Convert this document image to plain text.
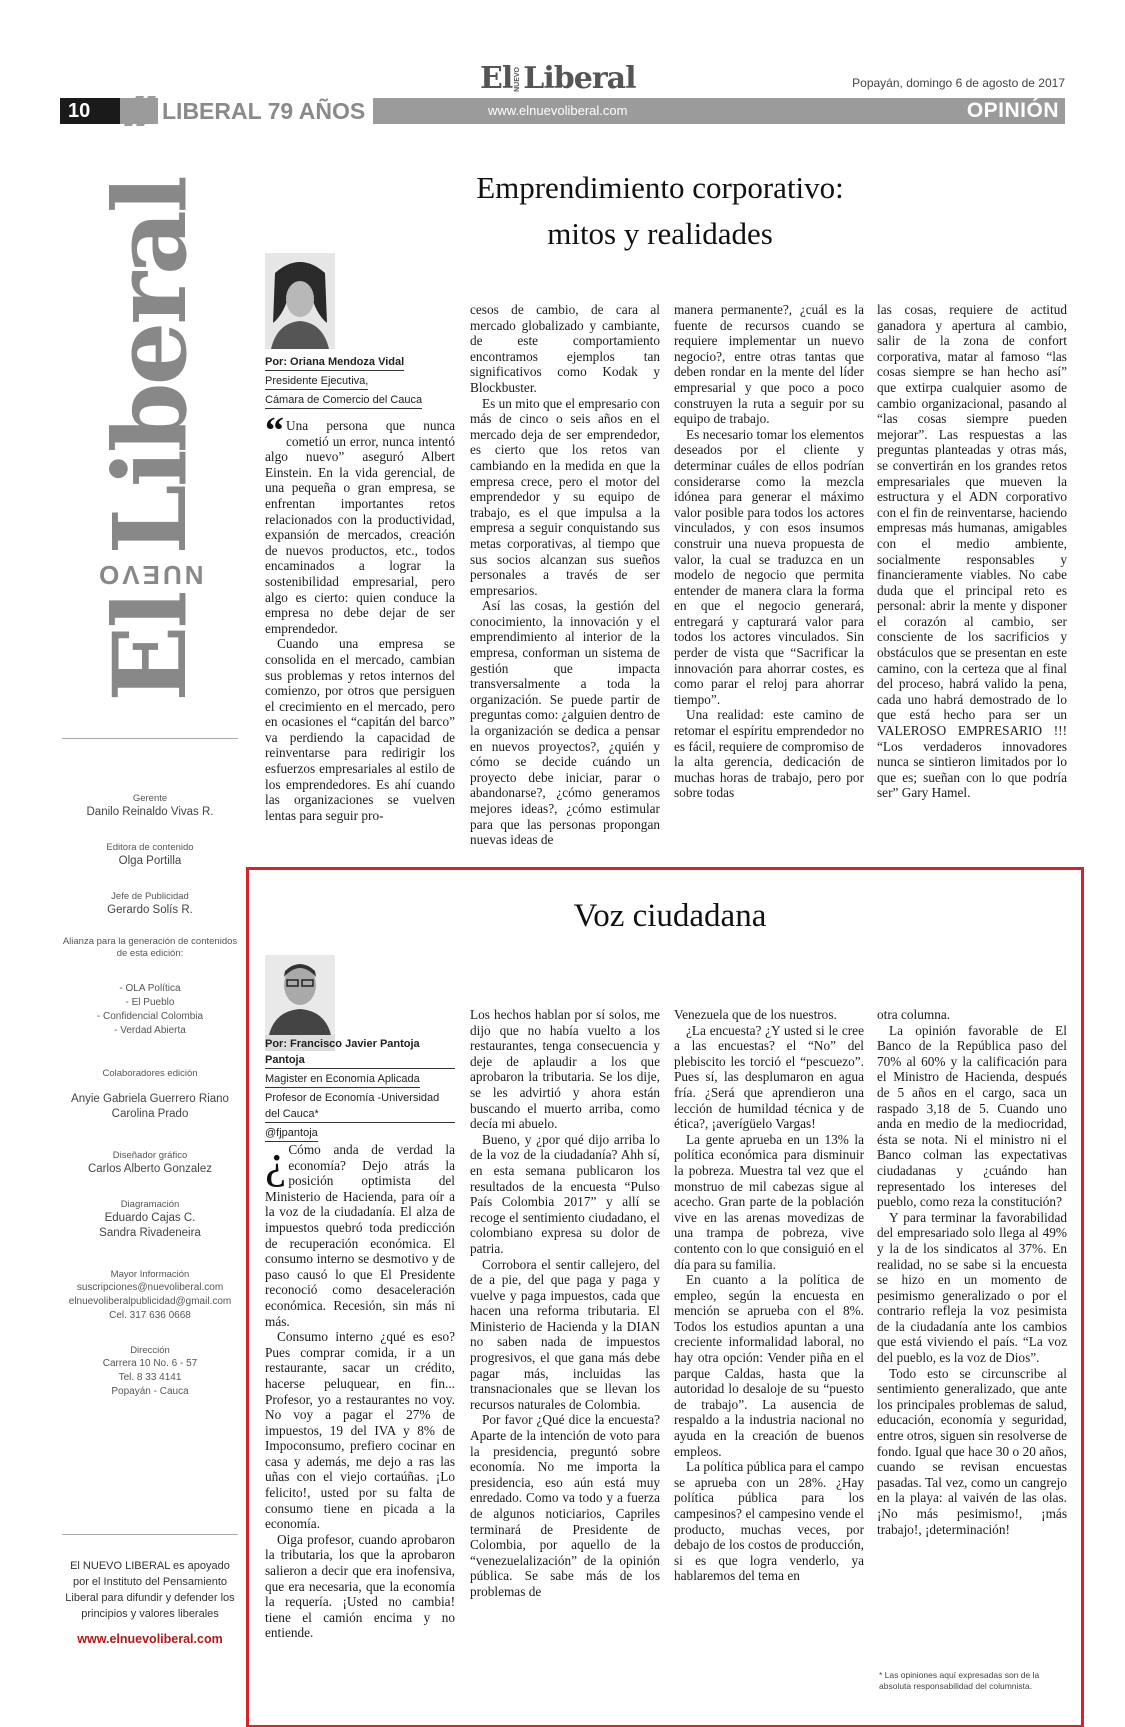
El NUEVO Liberal	Popayán, domingo 6 de agosto de 2017
10	LIBERAL 79 AÑOS	www.elnuevoliberal.com	OPINIÓN
El
NUEVO
Liberal
Gerente
Danilo Reinaldo Vivas R.
Editora de contenido
Olga Portilla
Jefe de Publicidad
Gerardo Solís R.
Alianza para la generación de contenidos de esta edición:
- OLA Política
- El Pueblo
- Confidencial Colombia
- Verdad Abierta
Colaboradores edición
Anyie Gabriela Guerrero Riano
Carolina Prado
Diseñador gráfico
Carlos Alberto Gonzalez
Diagramación
Eduardo Cajas C.
Sandra Rivadeneira
Mayor Información
suscripciones@nuevoliberal.com
elnuevoliberalpublicidad@gmail.com
Cel. 317 636 0668
Dirección
Carrera 10 No. 6 - 57
Tel. 8 33 4141
Popayán - Cauca
El NUEVO LIBERAL es apoyado por el Instituto del Pensamiento Liberal para difundir y defender los principios y valores liberales
www.elnuevoliberal.com
Emprendimiento corporativo:
mitos y realidades
Por: Oriana Mendoza Vidal
Presidente Ejecutiva,
Cámara de Comercio del Cauca

“ Una persona que nunca cometió un error, nunca intentó algo nuevo” aseguró Albert Einstein. En la vida gerencial, de una pequeña o gran empresa, se enfrentan importantes retos relacionados con la productividad, expansión de mercados, creación de nuevos productos, etc., todos encaminados a lograr la sostenibilidad empresarial, pero algo es cierto: quien conduce la empresa no debe dejar de ser emprendedor.

Cuando una empresa se consolida en el mercado, cambian sus problemas y retos internos del comienzo, por otros que persiguen el crecimiento en el mercado, pero en ocasiones el “capitán del barco” va perdiendo la capacidad de reinventarse para redirigir los esfuerzos empresariales al estilo de los emprendedores. Es ahí cuando las organizaciones se vuelven lentas para seguir pro-

cesos de cambio, de cara al mercado globalizado y cambiante, de este comportamiento encontramos ejemplos tan significativos como Kodak y Blockbuster.

Es un mito que el empresario con más de cinco o seis años en el mercado deja de ser emprendedor, es cierto que los retos van cambiando en la medida en que la empresa crece, pero el motor del emprendedor y su equipo de trabajo, es el que impulsa a la empresa a seguir conquistando sus metas corporativas, al tiempo que sus socios alcanzan sus sueños personales a través de ser empresarios.

Así las cosas, la gestión del conocimiento, la innovación y el emprendimiento al interior de la empresa, conforman un sistema de gestión que impacta transversalmente a toda la organización. Se puede partir de preguntas como: ¿alguien dentro de la organización se dedica a pensar en nuevos proyectos?, ¿quién y cómo se decide cuándo un proyecto debe iniciar, parar o abandonarse?, ¿cómo generamos mejores ideas?, ¿cómo estimular para que las personas propongan nuevas ideas de

manera permanente?, ¿cuál es la fuente de recursos cuando se requiere implementar un nuevo negocio?, entre otras tantas que deben rondar en la mente del líder empresarial y que poco a poco construyen la ruta a seguir por su equipo de trabajo.

Es necesario tomar los elementos deseados por el cliente y determinar cuáles de ellos podrían considerarse como la mezcla idónea para generar el máximo valor posible para todos los actores vinculados, y con esos insumos construir una nueva propuesta de valor, la cual se traduzca en un modelo de negocio que permita entender de manera clara la forma en que el negocio generará, entregará y capturará valor para todos los actores vinculados. Sin perder de vista que “Sacrificar la innovación para ahorrar costes, es como parar el reloj para ahorrar tiempo”.

Una realidad: este camino de retomar el espíritu emprendedor no es fácil, requiere de compromiso de la alta gerencia, dedicación de muchas horas de trabajo, pero por sobre todas

las cosas, requiere de actitud ganadora y apertura al cambio, salir de la zona de confort corporativa, matar al famoso “las cosas siempre se han hecho así” que extirpa cualquier asomo de cambio organizacional, pasando al “las cosas siempre pueden mejorar”. Las respuestas a las preguntas planteadas y otras más, se convertirán en los grandes retos empresariales que mueven la estructura y el ADN corporativo con el fin de reinventarse, haciendo empresas más humanas, amigables con el medio ambiente, socialmente responsables y financieramente viables. No cabe duda que el principal reto es personal: abrir la mente y disponer el corazón al cambio, ser consciente de los sacrificios y obstáculos que se presentan en este camino, con la certeza que al final del proceso, habrá valido la pena, cada uno habrá demostrado de lo que está hecho para ser un VALEROSO EMPRESARIO !!! “Los verdaderos innovadores nunca se sintieron limitados por lo que es; sueñan con lo que podría ser” Gary Hamel.

Voz ciudadana
Por: Francisco Javier Pantoja Pantoja
Magister en Economía Aplicada
Profesor de Economía -Universidad del Cauca*
@fjpantoja

¿ Cómo anda de verdad la economía? Dejo atrás la posición optimista del Ministerio de Hacienda, para oír a la voz de la ciudadanía. El alza de impuestos quebró toda predicción de recuperación económica. El consumo interno se desmotivo y de paso causó lo que El Presidente reconoció como desaceleración económica. Recesión, sin más ni más.

Consumo interno ¿qué es eso? Pues comprar comida, ir a un restaurante, sacar un crédito, hacerse peluquear, en fin... Profesor, yo a restaurantes no voy. No voy a pagar el 27% de impuestos, 19 del IVA y 8% de Impoconsumo, prefiero cocinar en casa y además, me dejo a ras las uñas con el viejo cortaúñas. ¡Lo felicito!, usted por su falta de consumo tiene en picada a la economía.

Oiga profesor, cuando aprobaron la tributaria, los que la aprobaron salieron a decir que era inofensiva, que era necesaria, que la economía la requería. ¡Usted no cambia! tiene el camión encima y no entiende.

Los hechos hablan por sí solos, me dijo que no había vuelto a los restaurantes, tenga consecuencia y deje de aplaudir a los que aprobaron la tributaria. Se los dije, se les advirtió y ahora están buscando el muerto arriba, como decía mi abuelo.

Bueno, y ¿por qué dijo arriba lo de la voz de la ciudadanía? Ahh sí, en esta semana publicaron los resultados de la encuesta “Pulso País Colombia 2017” y allí se recoge el sentimiento ciudadano, el colombiano expresa su dolor de patria.

Corrobora el sentir callejero, del de a pie, del que paga y paga y vuelve y paga impuestos, cada que hacen una reforma tributaria. El Ministerio de Hacienda y la DIAN no saben nada de impuestos progresivos, el que gana más debe pagar más, incluidas las transnacionales que se llevan los recursos naturales de Colombia.

Por favor ¿Qué dice la encuesta? Aparte de la intención de voto para la presidencia, preguntó sobre economía. No me importa la presidencia, eso aún está muy enredado. Como va todo y a fuerza de algunos noticiarios, Capriles terminará de Presidente de Colombia, por aquello de la “venezuelalización” de la opinión pública. Se sabe más de los problemas de

Venezuela que de los nuestros.

¿La encuesta? ¿Y usted si le cree a las encuestas? el “No” del plebiscito les torció el “pescuezo”. Pues sí, las desplumaron en agua fría. ¿Será que aprendieron una lección de humildad técnica y de ética?, ¡averígüelo Vargas!

La gente aprueba en un 13% la política económica para disminuir la pobreza. Muestra tal vez que el monstruo de mil cabezas sigue al acecho. Gran parte de la población vive en las arenas movedizas de una trampa de pobreza, vive contento con lo que consiguió en el día para su familia.

En cuanto a la política de empleo, según la encuesta en mención se aprueba con el 8%. Todos los estudios apuntan a una creciente informalidad laboral, no hay otra opción: Vender piña en el parque Caldas, hasta que la autoridad lo desaloje de su “puesto de trabajo”. La ausencia de respaldo a la industria nacional no ayuda en la creación de buenos empleos.

La política pública para el campo se aprueba con un 28%. ¿Hay política pública para los campesinos? el campesino vende el producto, muchas veces, por debajo de los costos de producción, si es que logra venderlo, ya hablaremos del tema en

otra columna.

La opinión favorable de El Banco de la República paso del 70% al 60% y la calificación para el Ministro de Hacienda, después de 5 años en el cargo, saca un raspado 3,18 de 5. Cuando uno anda en medio de la mediocridad, ésta se nota. Ni el ministro ni el Banco colman las expectativas ciudadanas y ¿cuándo han representado los intereses del pueblo, como reza la constitución?

Y para terminar la favorabilidad del empresariado solo llega al 49% y la de los sindicatos al 37%. En realidad, no se sabe si la encuesta se hizo en un momento de pesimismo generalizado o por el contrario refleja la voz pesimista de la ciudadanía ante los cambios que está viviendo el país. “La voz del pueblo, es la voz de Dios”.

Todo esto se circunscribe al sentimiento generalizado, que ante los principales problemas de salud, educación, economía y seguridad, entre otros, siguen sin resolverse de fondo. Igual que hace 30 o 20 años, cuando se revisan encuestas pasadas. Tal vez, como un cangrejo en la playa: al vaivén de las olas. ¡No más pesimismo!, ¡más trabajo!, ¡determinación!

* Las opiniones aquí expresadas son de la absoluta responsabilidad del columnista.
